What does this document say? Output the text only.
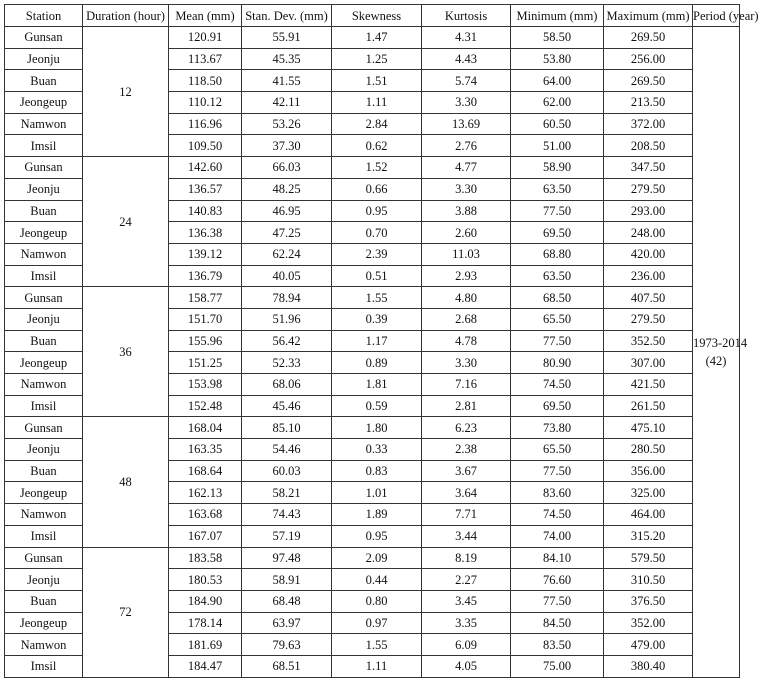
Station	Duration (hour)	Mean (mm)	Stan. Dev. (mm)	Skewness	Kurtosis	Minimum (mm)	Maximum (mm)	Period (year)
Gunsan	12	120.91	55.91	1.47	4.31	58.50	269.50	1973-2014
(42)

Jeonju		113.67	45.35	1.25	4.43	53.80	256.00	
Buan		118.50	41.55	1.51	5.74	64.00	269.50	
Jeongeup		110.12	42.11	1.11	3.30	62.00	213.50	
Namwon		116.96	53.26	2.84	13.69	60.50	372.00	
Imsil		109.50	37.30	0.62	2.76	51.00	208.50	
Gunsan	24	142.60	66.03	1.52	4.77	58.90	347.50	
Jeonju		136.57	48.25	0.66	3.30	63.50	279.50	
Buan		140.83	46.95	0.95	3.88	77.50	293.00	
Jeongeup		136.38	47.25	0.70	2.60	69.50	248.00	
Namwon		139.12	62.24	2.39	11.03	68.80	420.00	
Imsil		136.79	40.05	0.51	2.93	63.50	236.00	
Gunsan	36	158.77	78.94	1.55	4.80	68.50	407.50	
Jeonju		151.70	51.96	0.39	2.68	65.50	279.50	
Buan		155.96	56.42	1.17	4.78	77.50	352.50	
Jeongeup		151.25	52.33	0.89	3.30	80.90	307.00	
Namwon		153.98	68.06	1.81	7.16	74.50	421.50	
Imsil		152.48	45.46	0.59	2.81	69.50	261.50	
Gunsan	48	168.04	85.10	1.80	6.23	73.80	475.10	
Jeonju		163.35	54.46	0.33	2.38	65.50	280.50	
Buan		168.64	60.03	0.83	3.67	77.50	356.00	
Jeongeup		162.13	58.21	1.01	3.64	83.60	325.00	
Namwon		163.68	74.43	1.89	7.71	74.50	464.00	
Imsil		167.07	57.19	0.95	3.44	74.00	315.20	
Gunsan	72	183.58	97.48	2.09	8.19	84.10	579.50	
Jeonju		180.53	58.91	0.44	2.27	76.60	310.50	
Buan		184.90	68.48	0.80	3.45	77.50	376.50	
Jeongeup		178.14	63.97	0.97	3.35	84.50	352.00	
Namwon		181.69	79.63	1.55	6.09	83.50	479.00	
Imsil		184.47	68.51	1.11	4.05	75.00	380.40	
